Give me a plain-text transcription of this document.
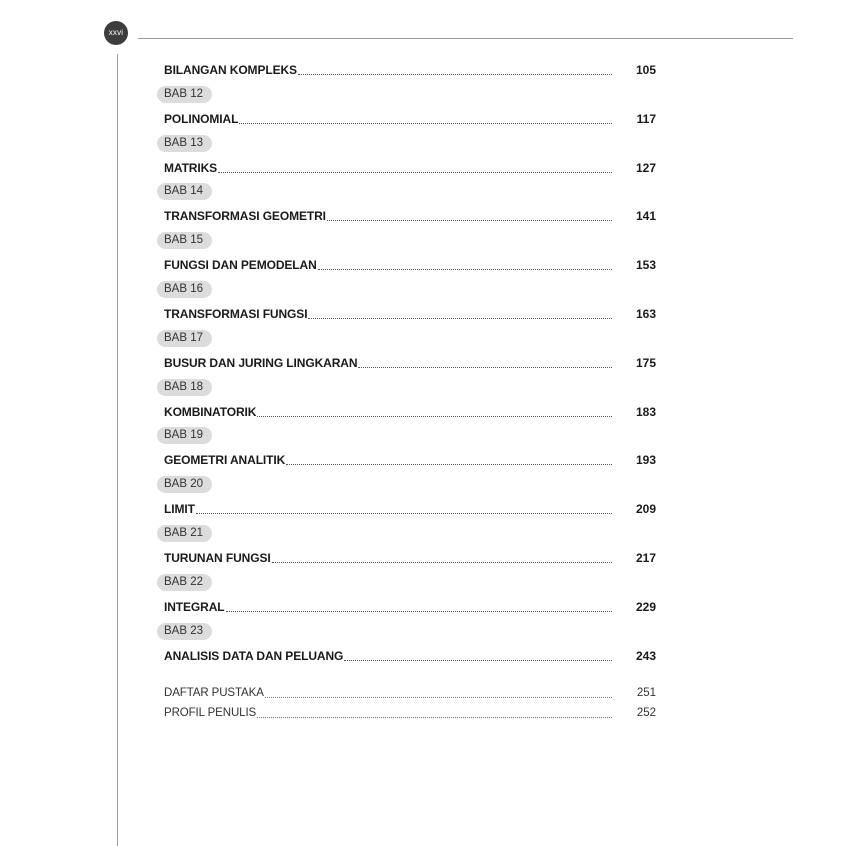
xxvi
BILANGAN KOMPLEKS	105
BAB 12
POLINOMIAL	117
BAB 13
MATRIKS	127
BAB 14
TRANSFORMASI GEOMETRI	141
BAB 15
FUNGSI DAN PEMODELAN	153
BAB 16
TRANSFORMASI FUNGSI	163
BAB 17
BUSUR DAN JURING LINGKARAN	175
BAB 18
KOMBINATORIK	183
BAB 19
GEOMETRI ANALITIK	193
BAB 20
LIMIT	209
BAB 21
TURUNAN FUNGSI	217
BAB 22
INTEGRAL	229
BAB 23
ANALISIS DATA DAN PELUANG	243
DAFTAR PUSTAKA	251
PROFIL PENULIS	252
